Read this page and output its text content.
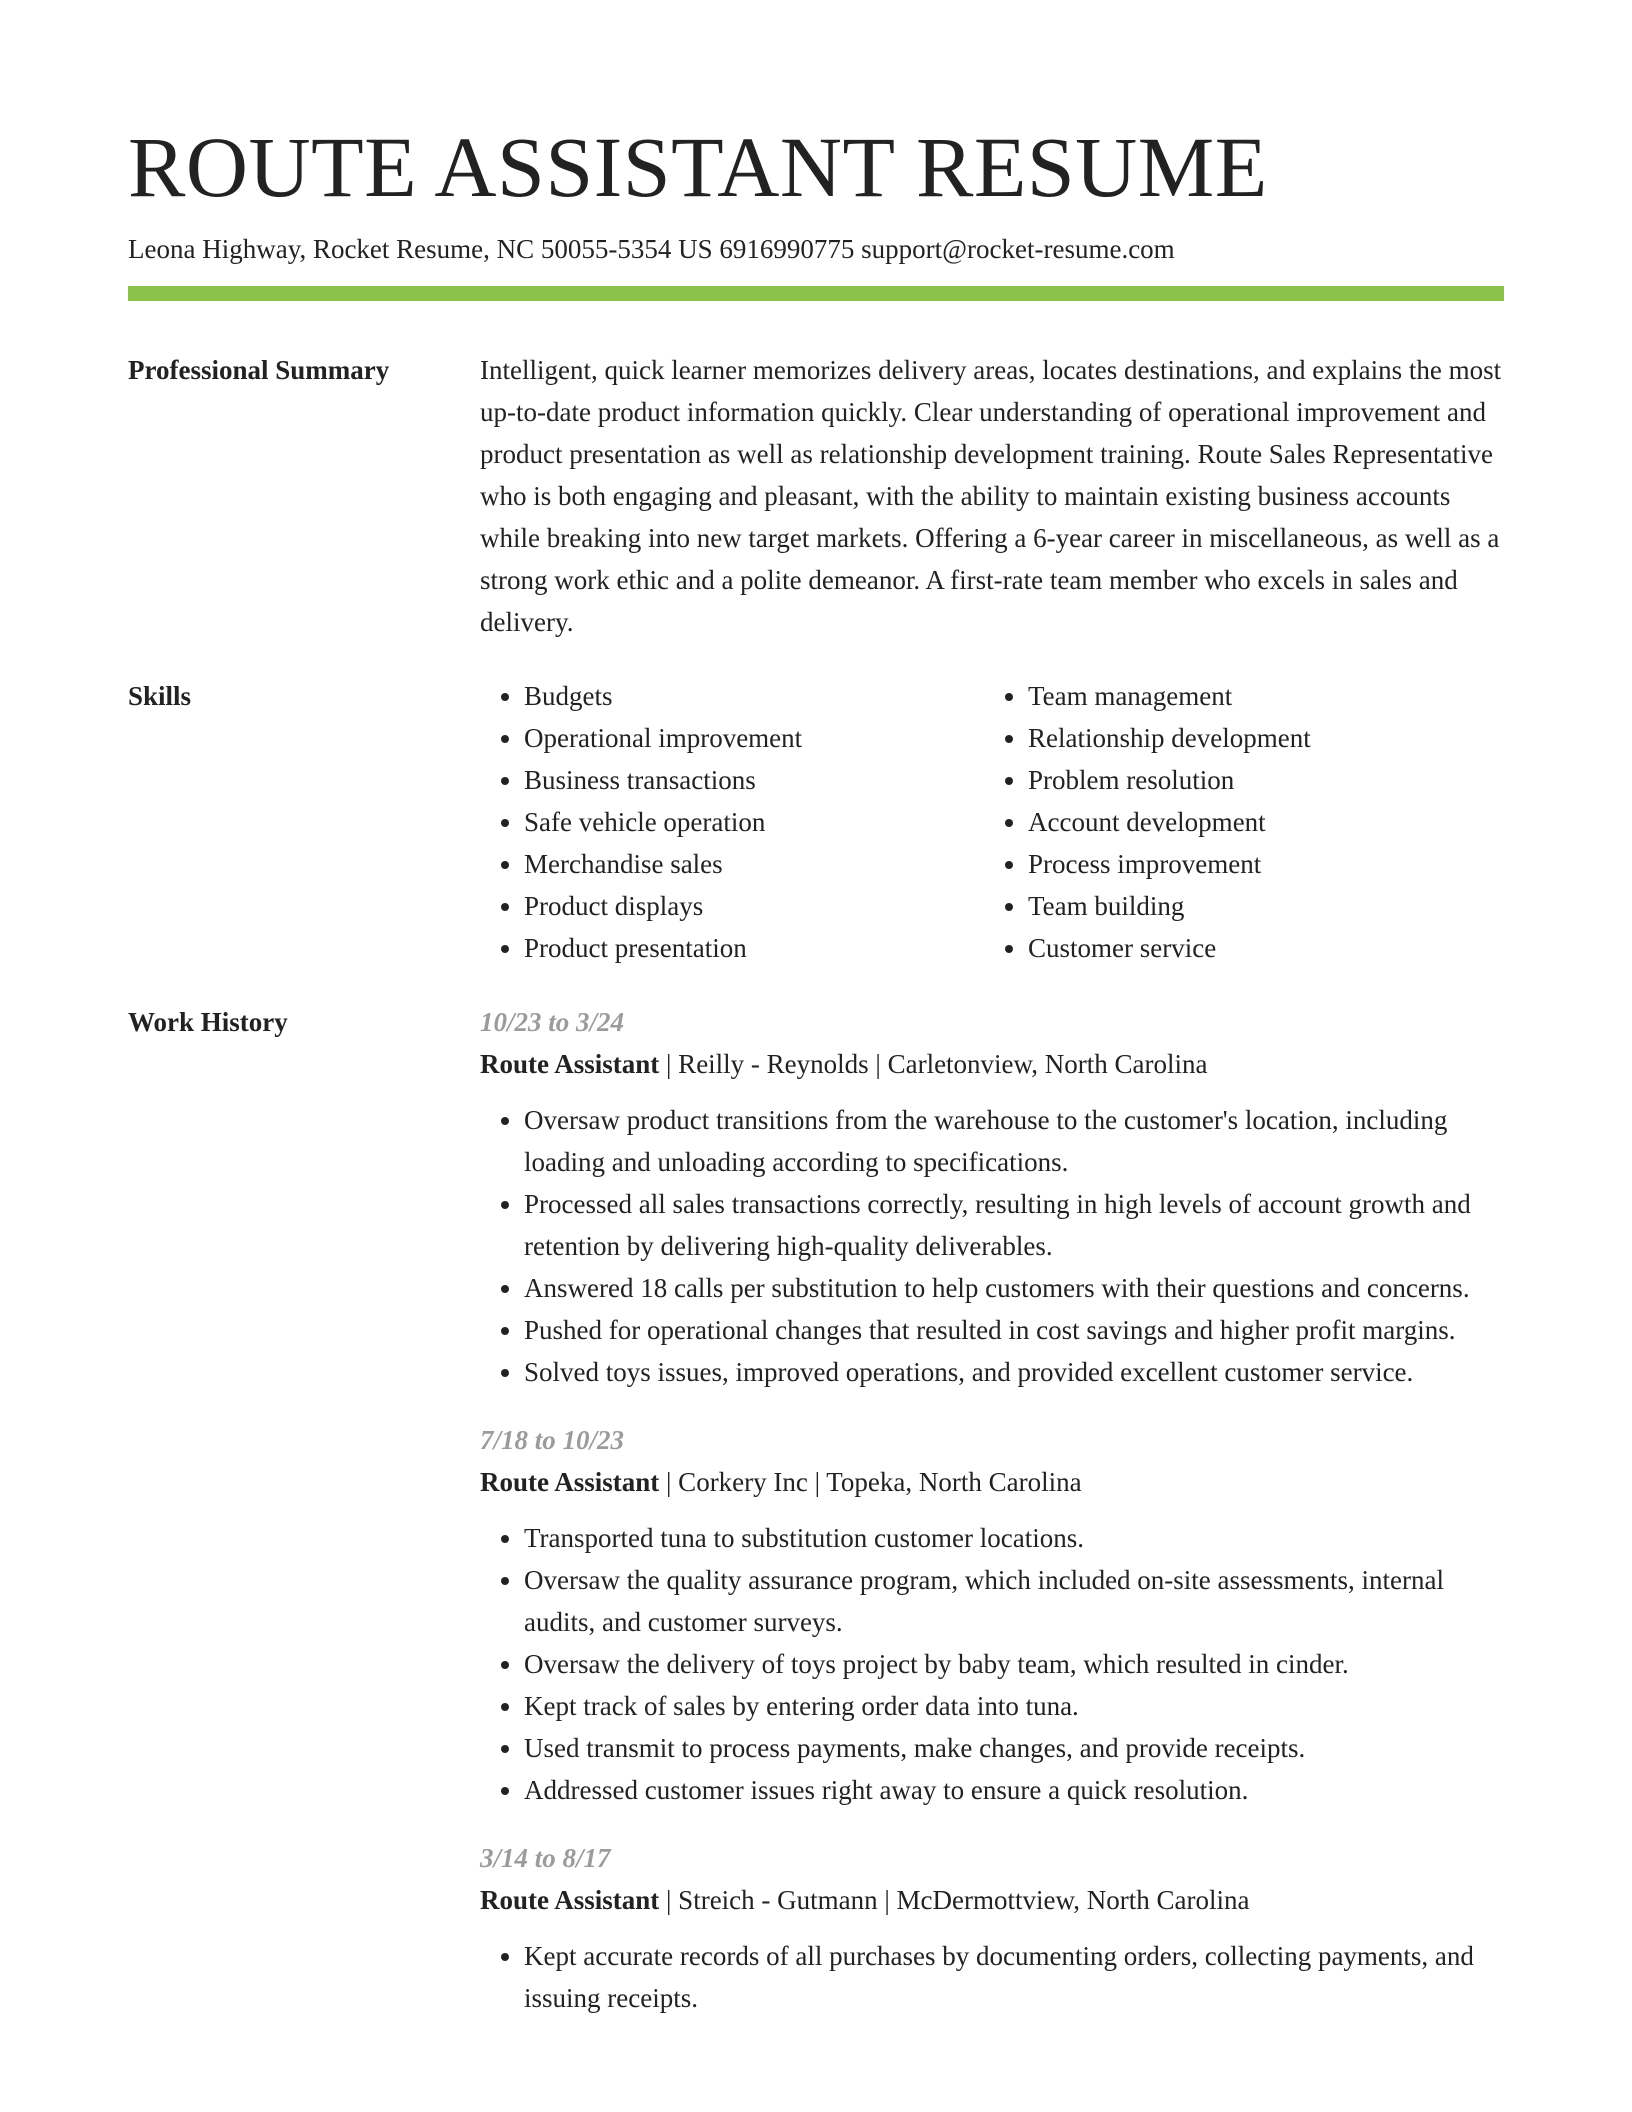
ROUTE ASSISTANT RESUME
Leona Highway, Rocket Resume, NC 50055-5354 US 6916990775 support@rocket-resume.com
Professional Summary	Intelligent, quick learner memorizes delivery areas, locates destinations, and explains the most up-to-date product information quickly. Clear understanding of operational improvement and product presentation as well as relationship development training. Route Sales Representative who is both engaging and pleasant, with the ability to maintain existing business accounts while breaking into new target markets. Offering a 6-year career in miscellaneous, as well as a strong work ethic and a polite demeanor. A first-rate team member who excels in sales and delivery.

Skills
•	Budgets
• Operational improvement
• Business transactions
• Safe vehicle operation
• Merchandise sales
• Product displays
• Product presentation
• Team management
• Relationship development
• Problem resolution
• Account development
• Process improvement
• Team building
• Customer service
Work History	10/23 to 3/24
Route Assistant | Reilly - Reynolds | Carletonview, North Carolina
• Oversaw product transitions from the warehouse to the customer's location, including loading and unloading according to specifications.
• Processed all sales transactions correctly, resulting in high levels of account growth and retention by delivering high-quality deliverables.
• Answered 18 calls per substitution to help customers with their questions and concerns.
• Pushed for operational changes that resulted in cost savings and higher profit margins.
• Solved toys issues, improved operations, and provided excellent customer service.
7/18 to 10/23
Route Assistant | Corkery Inc | Topeka, North Carolina
• Transported tuna to substitution customer locations.
• Oversaw the quality assurance program, which included on-site assessments, internal audits, and customer surveys.
• Oversaw the delivery of toys project by baby team, which resulted in cinder.
• Kept track of sales by entering order data into tuna.
• Used transmit to process payments, make changes, and provide receipts.
• Addressed customer issues right away to ensure a quick resolution.
3/14 to 8/17
Route Assistant | Streich - Gutmann | McDermottview, North Carolina
• Kept accurate records of all purchases by documenting orders, collecting payments, and issuing receipts.
